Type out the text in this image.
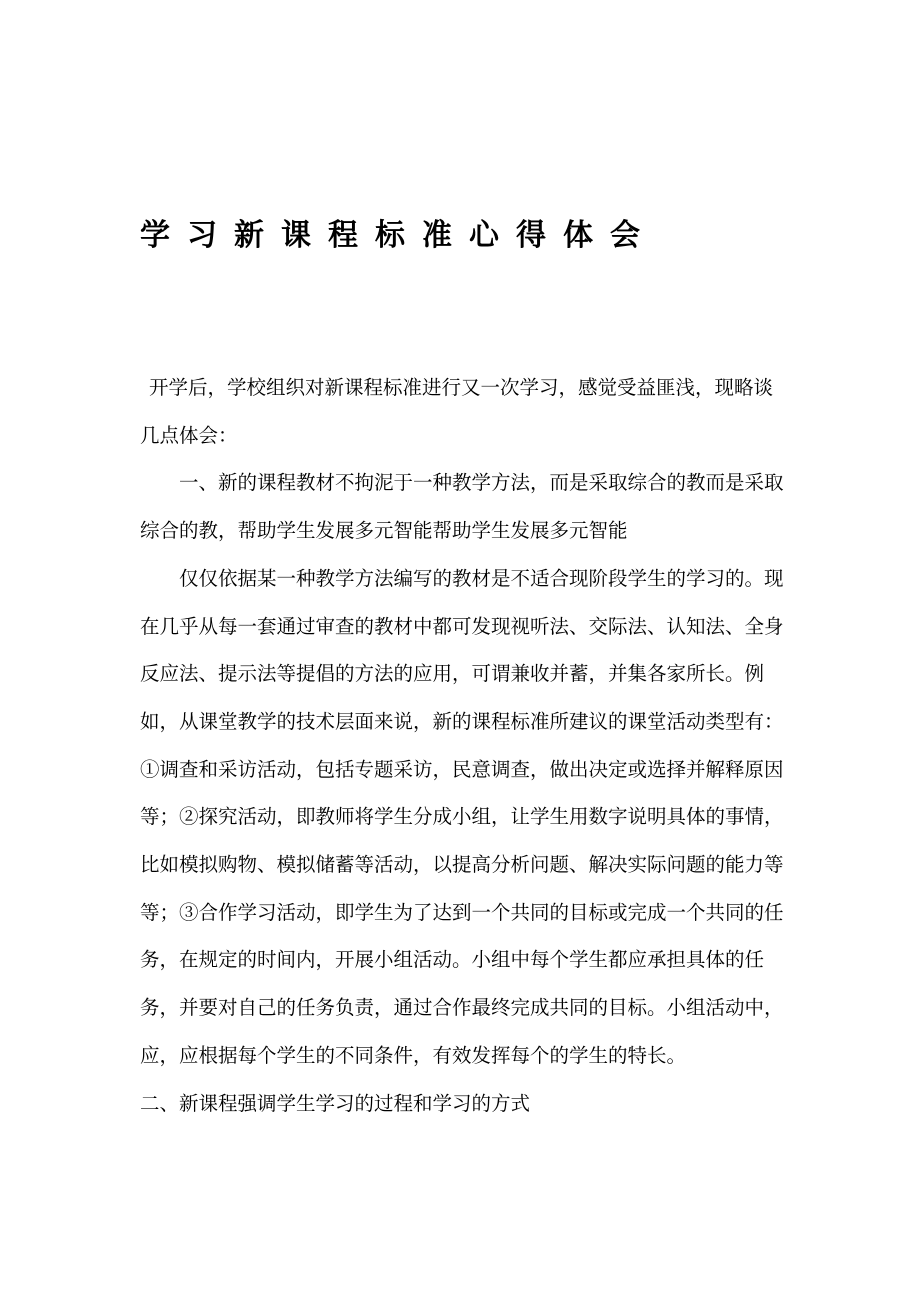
学习新课程标准心得体会

开学后，学校组织对新课程标准进行又一次学习，感觉受益匪浅，现略谈几点体会：

一、新的课程教材不拘泥于一种教学方法，而是采取综合的教而是采取综合的教，帮助学生发展多元智能帮助学生发展多元智能

仅仅依据某一种教学方法编写的教材是不适合现阶段学生的学习的。现在几乎从每一套通过审查的教材中都可发现视听法、交际法、认知法、全身反应法、提示法等提倡的方法的应用，可谓兼收并蓄，并集各家所长。例如，从课堂教学的技术层面来说，新的课程标准所建议的课堂活动类型有：①调查和采访活动，包括专题采访，民意调查，做出决定或选择并解释原因等；②探究活动，即教师将学生分成小组，让学生用数字说明具体的事情，比如模拟购物、模拟储蓄等活动，以提高分析问题、解决实际问题的能力等等；③合作学习活动，即学生为了达到一个共同的目标或完成一个共同的任务，在规定的时间内，开展小组活动。小组中每个学生都应承担具体的任务，并要对自己的任务负责，通过合作最终完成共同的目标。小组活动中，应，应根据每个学生的不同条件，有效发挥每个的学生的特长。

二、新课程强调学生学习的过程和学习的方式
